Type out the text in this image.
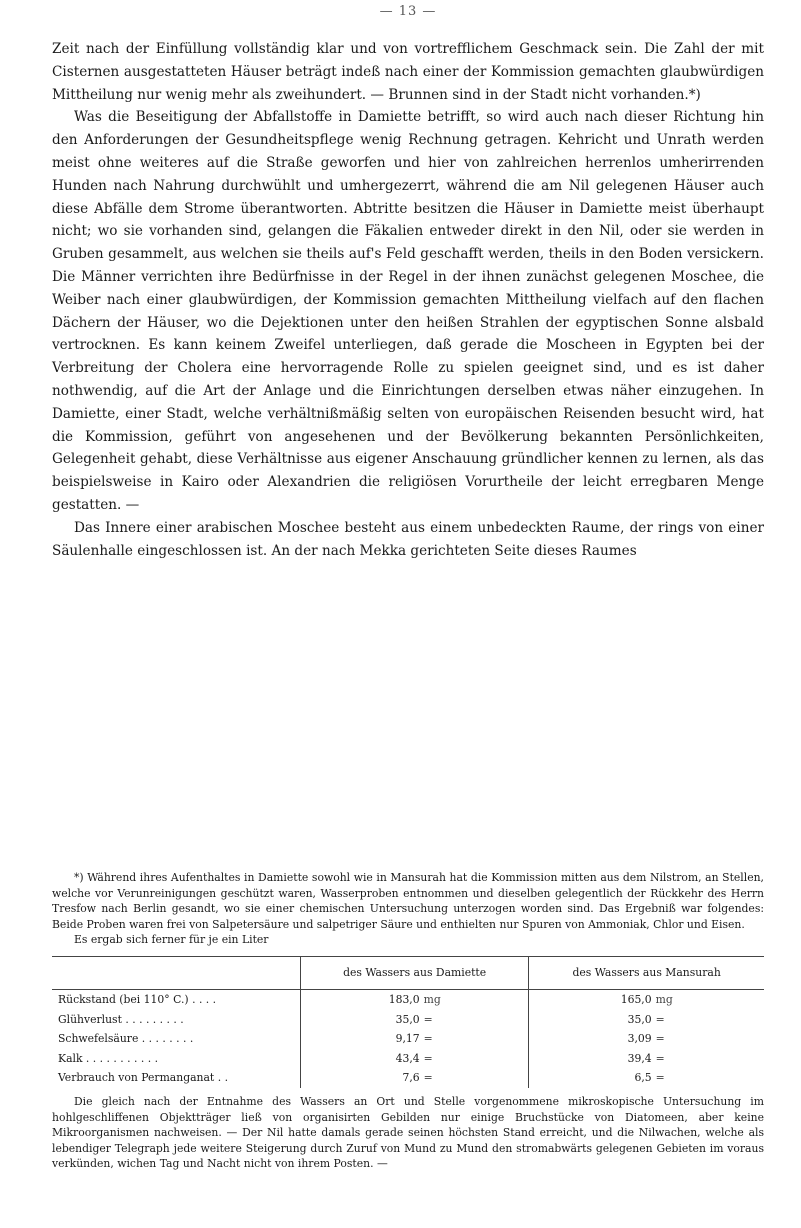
— 13 —

Zeit nach der Einfüllung vollständig klar und von vortrefflichem Geschmack sein. Die Zahl der mit Cisternen ausgestatteten Häuser beträgt indeß nach einer der Kommission gemachten glaubwürdigen Mittheilung nur wenig mehr als zweihundert. — Brunnen sind in der Stadt nicht vorhanden.*)

Was die Beseitigung der Abfallstoffe in Damiette betrifft, so wird auch nach dieser Richtung hin den Anforderungen der Gesundheitspflege wenig Rechnung getragen. Kehricht und Unrath werden meist ohne weiteres auf die Straße geworfen und hier von zahlreichen herrenlos umherirrenden Hunden nach Nahrung durchwühlt und umhergezerrt, während die am Nil gelegenen Häuser auch diese Abfälle dem Strome überantworten. Abtritte besitzen die Häuser in Damiette meist überhaupt nicht; wo sie vorhanden sind, gelangen die Fäkalien entweder direkt in den Nil, oder sie werden in Gruben gesammelt, aus welchen sie theils auf's Feld geschafft werden, theils in den Boden versickern. Die Männer verrichten ihre Bedürfnisse in der Regel in der ihnen zunächst gelegenen Moschee, die Weiber nach einer glaubwürdigen, der Kommission gemachten Mittheilung vielfach auf den flachen Dächern der Häuser, wo die Dejektionen unter den heißen Strahlen der egyptischen Sonne alsbald vertrocknen. Es kann keinem Zweifel unterliegen, daß gerade die Moscheen in Egypten bei der Verbreitung der Cholera eine hervorragende Rolle zu spielen geeignet sind, und es ist daher nothwendig, auf die Art der Anlage und die Einrichtungen derselben etwas näher einzugehen. In Damiette, einer Stadt, welche verhältnißmäßig selten von europäischen Reisenden besucht wird, hat die Kommission, geführt von angesehenen und der Bevölkerung bekannten Persönlichkeiten, Gelegenheit gehabt, diese Verhältnisse aus eigener Anschauung gründlicher kennen zu lernen, als das beispielsweise in Kairo oder Alexandrien die religiösen Vorurtheile der leicht erregbaren Menge gestatten. —

Das Innere einer arabischen Moschee besteht aus einem unbedeckten Raume, der rings von einer Säulenhalle eingeschlossen ist. An der nach Mekka gerichteten Seite dieses Raumes

*) Während ihres Aufenthaltes in Damiette sowohl wie in Mansurah hat die Kommission mitten aus dem Nilstrom, an Stellen, welche vor Verunreinigungen geschützt waren, Wasserproben entnommen und dieselben gelegentlich der Rückkehr des Herrn Tresfow nach Berlin gesandt, wo sie einer chemischen Untersuchung unterzogen worden sind. Das Ergebniß war folgendes: Beide Proben waren frei von Salpetersäure und salpetriger Säure und enthielten nur Spuren von Ammoniak, Chlor und Eisen.

Es ergab sich ferner für je ein Liter

	des Wassers aus Damiette	des Wassers aus Mansurah
Rückstand (bei 110° C.) . . . .	183,0 mg	165,0 mg
Glühverlust . . . . . . . . .	35,0 =	35,0 =
Schwefelsäure . . . . . . . .	9,17 =	3,09 =
Kalk . . . . . . . . . . .	43,4 =	39,4 =
Verbrauch von Permanganat . .	7,6 =	6,5 =

Die gleich nach der Entnahme des Wassers an Ort und Stelle vorgenommene mikroskopische Untersuchung im hohlgeschliffenen Objektträger ließ von organisirten Gebilden nur einige Bruchstücke von Diatomeen, aber keine Mikroorganismen nachweisen. — Der Nil hatte damals gerade seinen höchsten Stand erreicht, und die Nilwachen, welche als lebendiger Telegraph jede weitere Steigerung durch Zuruf von Mund zu Mund den stromabwärts gelegenen Gebieten im voraus verkünden, wichen Tag und Nacht nicht von ihrem Posten. —
